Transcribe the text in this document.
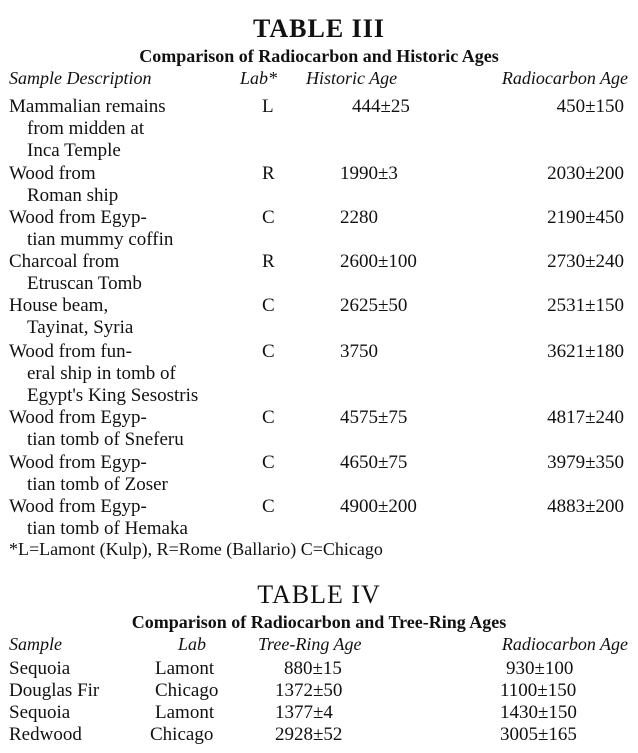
TABLE III
Comparison of Radiocarbon and Historic Ages
Sample Description	Lab* Historic Age	Radiocarbon Age
Mammalian remains
from midden at
Inca Temple
L	444±25	450±150
Wood from
Roman ship
R	1990±3	2030±200
Wood from Egyp-
tian mummy coffin
C	2280	2190±450
Charcoal from
Etruscan Tomb
R	2600±100	2730±240
House beam,
Tayinat, Syria
C	2625±50	2531±150
Wood from fun-
eral ship in tomb of
Egypt's King Sesostris
C	3750	3621±180
Wood from Egyp-
tian tomb of Sneferu
C	4575±75	4817±240
Wood from Egyp-
tian tomb of Zoser
C	4650±75	3979±350
Wood from Egyp-
tian tomb of Hemaka
C	4900±200	4883±200
*L=Lamont (Kulp), R=Rome (Ballario) C=Chicago
TABLE IV
Comparison of Radiocarbon and Tree-Ring Ages
Sample	Lab	Tree-Ring Age	Radiocarbon Age
Sequoia	Lamont	880±15	930±100
Douglas Fir	Chicago	1372±50	1100±150
Sequoia	Lamont	1377±4	1430±150
Redwood	Chicago	2928±52	3005±165
